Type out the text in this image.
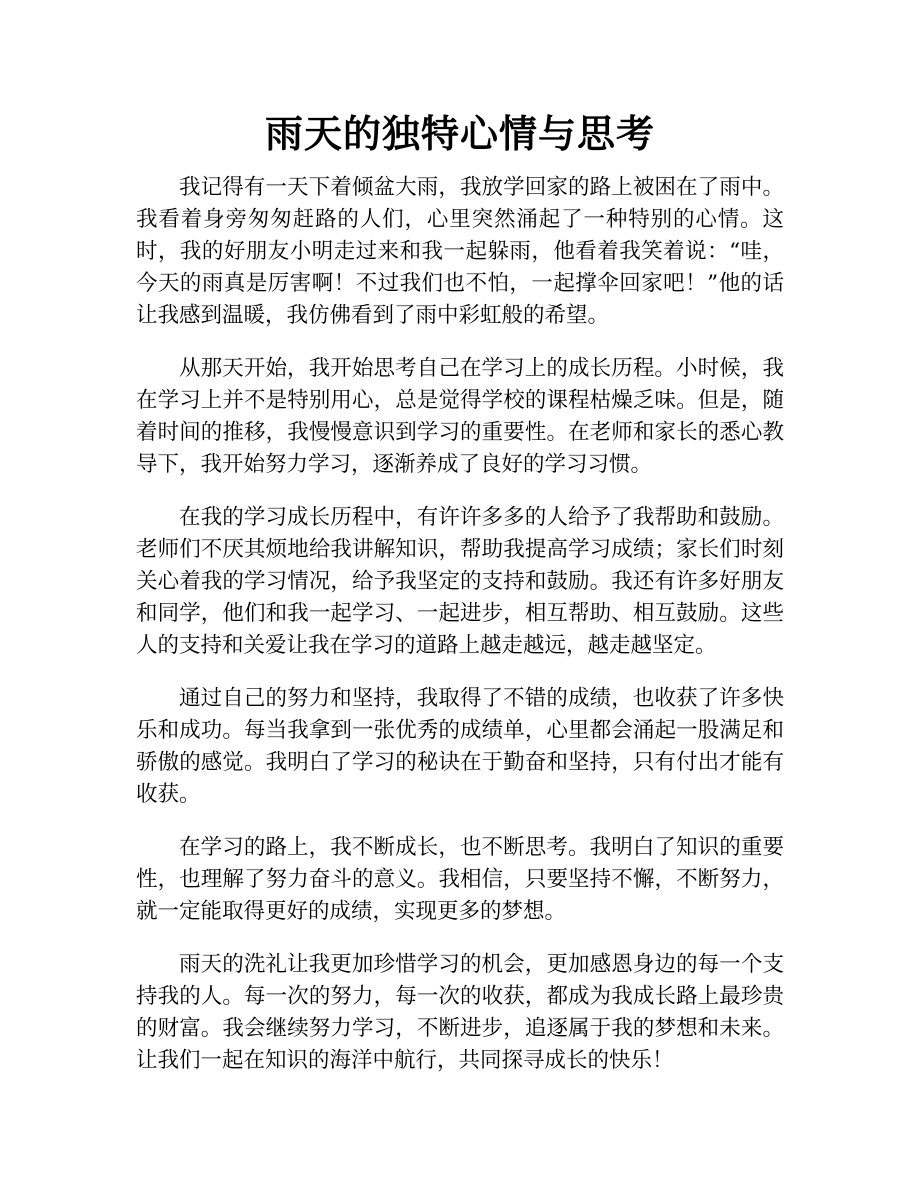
雨天的独特心情与思考

我记得有一天下着倾盆大雨，我放学回家的路上被困在了雨中。我看着身旁匆匆赶路的人们，心里突然涌起了一种特别的心情。这时，我的好朋友小明走过来和我一起躲雨，他看着我笑着说：“哇，今天的雨真是厉害啊！不过我们也不怕，一起撑伞回家吧！”他的话让我感到温暖，我仿佛看到了雨中彩虹般的希望。

从那天开始，我开始思考自己在学习上的成长历程。小时候，我在学习上并不是特别用心，总是觉得学校的课程枯燥乏味。但是，随着时间的推移，我慢慢意识到学习的重要性。在老师和家长的悉心教导下，我开始努力学习，逐渐养成了良好的学习习惯。

在我的学习成长历程中，有许许多多的人给予了我帮助和鼓励。老师们不厌其烦地给我讲解知识，帮助我提高学习成绩；家长们时刻关心着我的学习情况，给予我坚定的支持和鼓励。我还有许多好朋友和同学，他们和我一起学习、一起进步，相互帮助、相互鼓励。这些人的支持和关爱让我在学习的道路上越走越远，越走越坚定。

通过自己的努力和坚持，我取得了不错的成绩，也收获了许多快乐和成功。每当我拿到一张优秀的成绩单，心里都会涌起一股满足和骄傲的感觉。我明白了学习的秘诀在于勤奋和坚持，只有付出才能有收获。

在学习的路上，我不断成长，也不断思考。我明白了知识的重要性，也理解了努力奋斗的意义。我相信，只要坚持不懈，不断努力，就一定能取得更好的成绩，实现更多的梦想。

雨天的洗礼让我更加珍惜学习的机会，更加感恩身边的每一个支持我的人。每一次的努力，每一次的收获，都成为我成长路上最珍贵的财富。我会继续努力学习，不断进步，追逐属于我的梦想和未来。让我们一起在知识的海洋中航行，共同探寻成长的快乐！
